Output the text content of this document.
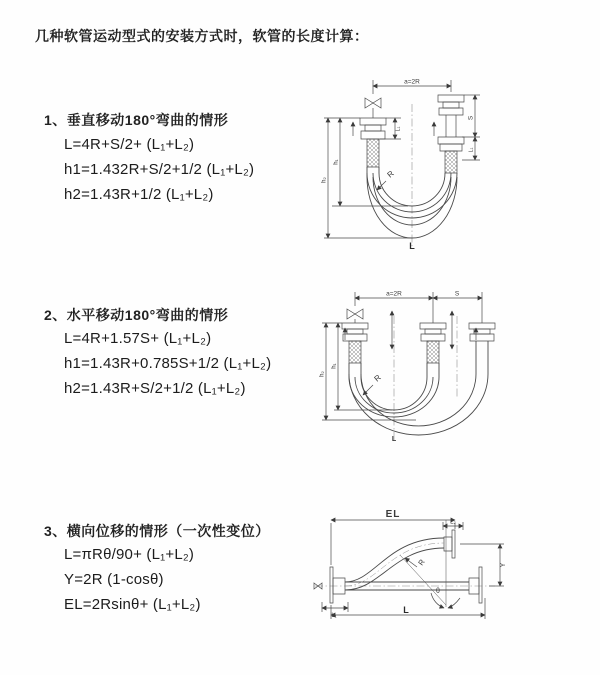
几种软管运动型式的安装方式时，软管的长度计算：
1、垂直移动180°弯曲的情形
L=4R+S/2+ (L₁+L₂)
h1=1.432R+S/2+1/2 (L₁+L₂)
h2=1.43R+1/2 (L₁+L₂)
2、水平移动180°弯曲的情形
L=4R+1.57S+ (L₁+L₂)
h1=1.43R+0.785S+1/2 (L₁+L₂)
h2=1.43R+S/2+1/2 (L₁+L₂)
3、横向位移的情形（一次性变位）
L=πRθ/90+ (L₁+L₂)
Y=2R (1-cosθ)
EL=2Rsinθ+ (L₁+L₂)
a=2R
S
L₁
L₁
h₁
h₂
R
L
a=2R	S
h₁
h₂	R
L
EL
L₂
Y
R
θ
L₁
L
